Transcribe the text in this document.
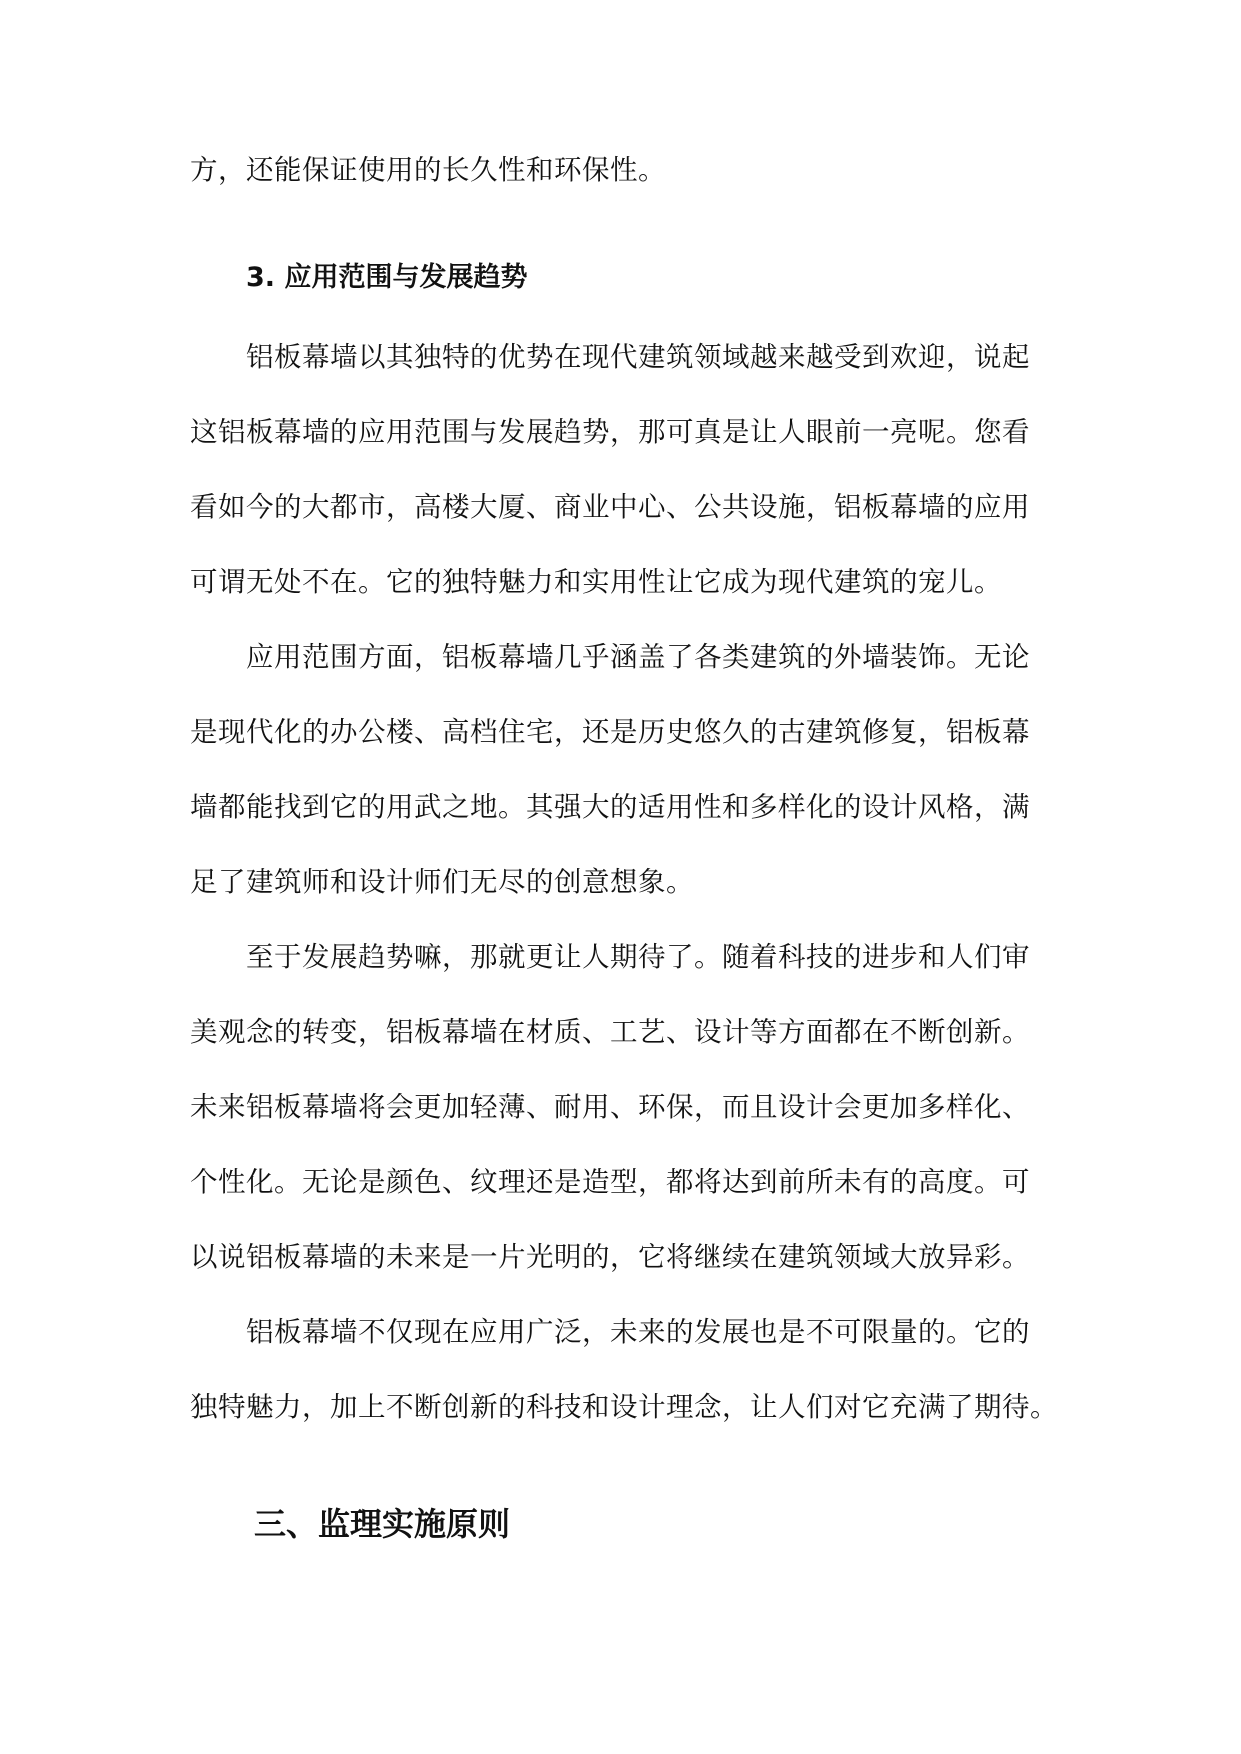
方，还能保证使用的长久性和环保性。
3. 应用范围与发展趋势
铝板幕墙以其独特的优势在现代建筑领域越来越受到欢迎，说起
这铝板幕墙的应用范围与发展趋势，那可真是让人眼前一亮呢。您看
看如今的大都市，高楼大厦、商业中心、公共设施，铝板幕墙的应用
可谓无处不在。它的独特魅力和实用性让它成为现代建筑的宠儿。
应用范围方面，铝板幕墙几乎涵盖了各类建筑的外墙装饰。无论
是现代化的办公楼、高档住宅，还是历史悠久的古建筑修复，铝板幕
墙都能找到它的用武之地。其强大的适用性和多样化的设计风格，满
足了建筑师和设计师们无尽的创意想象。
至于发展趋势嘛，那就更让人期待了。随着科技的进步和人们审
美观念的转变，铝板幕墙在材质、工艺、设计等方面都在不断创新。
未来铝板幕墙将会更加轻薄、耐用、环保，而且设计会更加多样化、
个性化。无论是颜色、纹理还是造型，都将达到前所未有的高度。可
以说铝板幕墙的未来是一片光明的，它将继续在建筑领域大放异彩。
铝板幕墙不仅现在应用广泛，未来的发展也是不可限量的。它的
独特魅力，加上不断创新的科技和设计理念，让人们对它充满了期待。
三、监理实施原则
